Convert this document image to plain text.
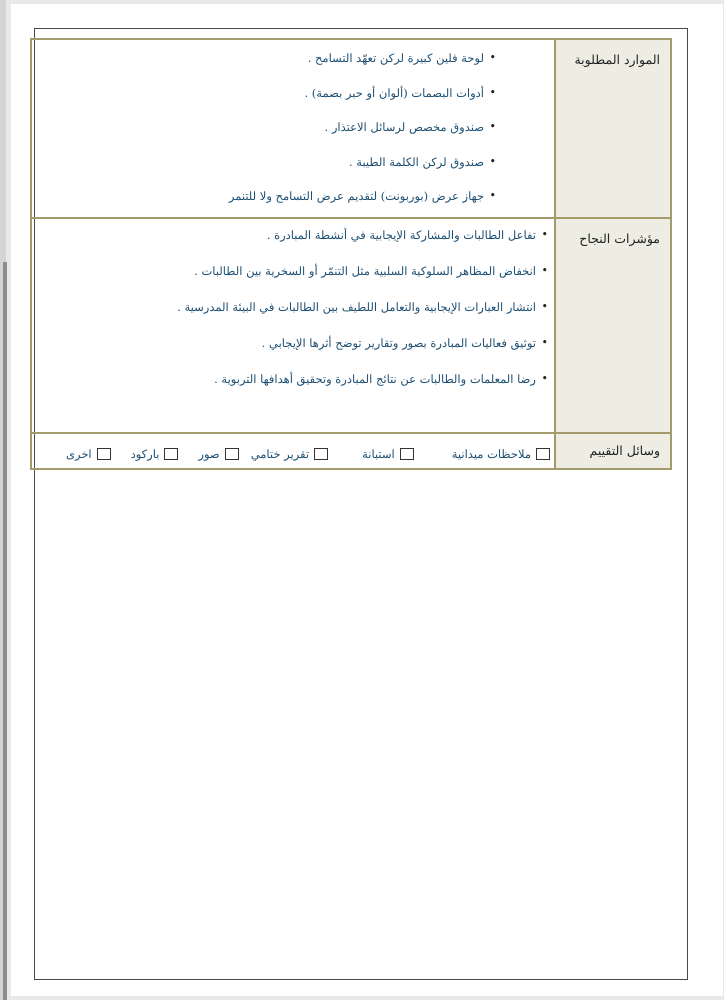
الموارد المطلوبة
•
لوحة فلين كبيرة لركن تعهّد التسامح .
•
أدوات البصمات (ألوان أو حبر بصمة) .
•
صندوق مخصص لرسائل الاعتذار .
•
صندوق لركن الكلمة الطيبة .
•
جهاز عرض (بوربونت) لتقديم عرض التسامح ولا للتنمر
مؤشرات النجاح
•
تفاعل الطالبات والمشاركة الإيجابية في أنشطة المبادرة .
•
انخفاض المظاهر السلوكية السلبية مثل التنمّر أو السخرية بين الطالبات .
•
انتشار العبارات الإيجابية والتعامل اللطيف بين الطالبات في البيئة المدرسية .
•
توثيق فعاليات المبادرة بصور وتقارير توضح أثرها الإيجابي .
•
رضا المعلمات والطالبات عن نتائج المبادرة وتحقيق أهدافها التربوية .
وسائل التقييم
ملاحظات ميدانية
استبانة
تقرير ختامي
صور
باركود
اخرى
